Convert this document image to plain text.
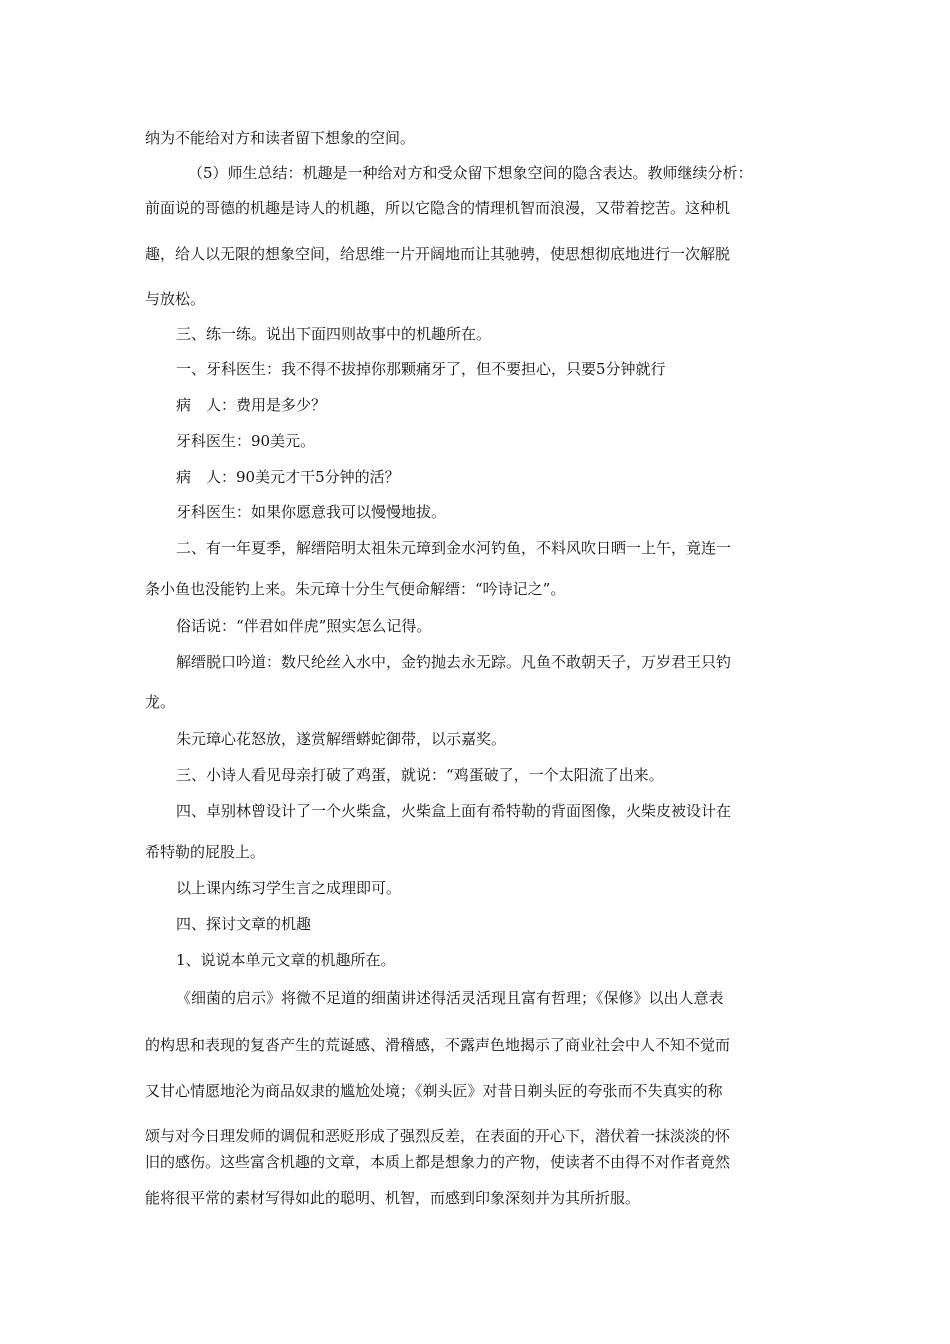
纳为不能给对方和读者留下想象的空间。
（5）师生总结：机趣是一种给对方和受众留下想象空间的隐含表达。教师继续分析：
前面说的哥德的机趣是诗人的机趣，所以它隐含的情理机智而浪漫，又带着挖苦。这种机
趣，给人以无限的想象空间，给思维一片开阔地而让其驰骋，使思想彻底地进行一次解脱
与放松。
三、练一练。说出下面四则故事中的机趣所在。
一、牙科医生：我不得不拔掉你那颗痛牙了，但不要担心，只要5分钟就行
病　人：费用是多少？
牙科医生：90美元。
病　人：90美元才干5分钟的活？
牙科医生：如果你愿意我可以慢慢地拔。
二、有一年夏季，解缙陪明太祖朱元璋到金水河钓鱼，不料风吹日晒一上午，竟连一
条小鱼也没能钓上来。朱元璋十分生气便命解缙：“吟诗记之”。
俗话说：“伴君如伴虎”照实怎么记得。
解缙脱口吟道：数尺纶丝入水中，金钓抛去永无踪。凡鱼不敢朝天子，万岁君王只钓
龙。
朱元璋心花怒放，遂赏解缙蟒蛇御带，以示嘉奖。
三、小诗人看见母亲打破了鸡蛋，就说：“鸡蛋破了，一个太阳流了出来。
四、卓别林曾设计了一个火柴盒，火柴盒上面有希特勒的背面图像，火柴皮被设计在
希特勒的屁股上。
以上课内练习学生言之成理即可。
四、探讨文章的机趣
1、说说本单元文章的机趣所在。
《细菌的启示》将微不足道的细菌讲述得活灵活现且富有哲理；《保修》以出人意表
的构思和表现的复沓产生的荒诞感、滑稽感，不露声色地揭示了商业社会中人不知不觉而
又甘心情愿地沦为商品奴隶的尴尬处境；《剃头匠》对昔日剃头匠的夸张而不失真实的称
颂与对今日理发师的调侃和恶贬形成了强烈反差，在表面的开心下，潜伏着一抹淡淡的怀
旧的感伤。这些富含机趣的文章，本质上都是想象力的产物，使读者不由得不对作者竟然
能将很平常的素材写得如此的聪明、机智，而感到印象深刻并为其所折服。
